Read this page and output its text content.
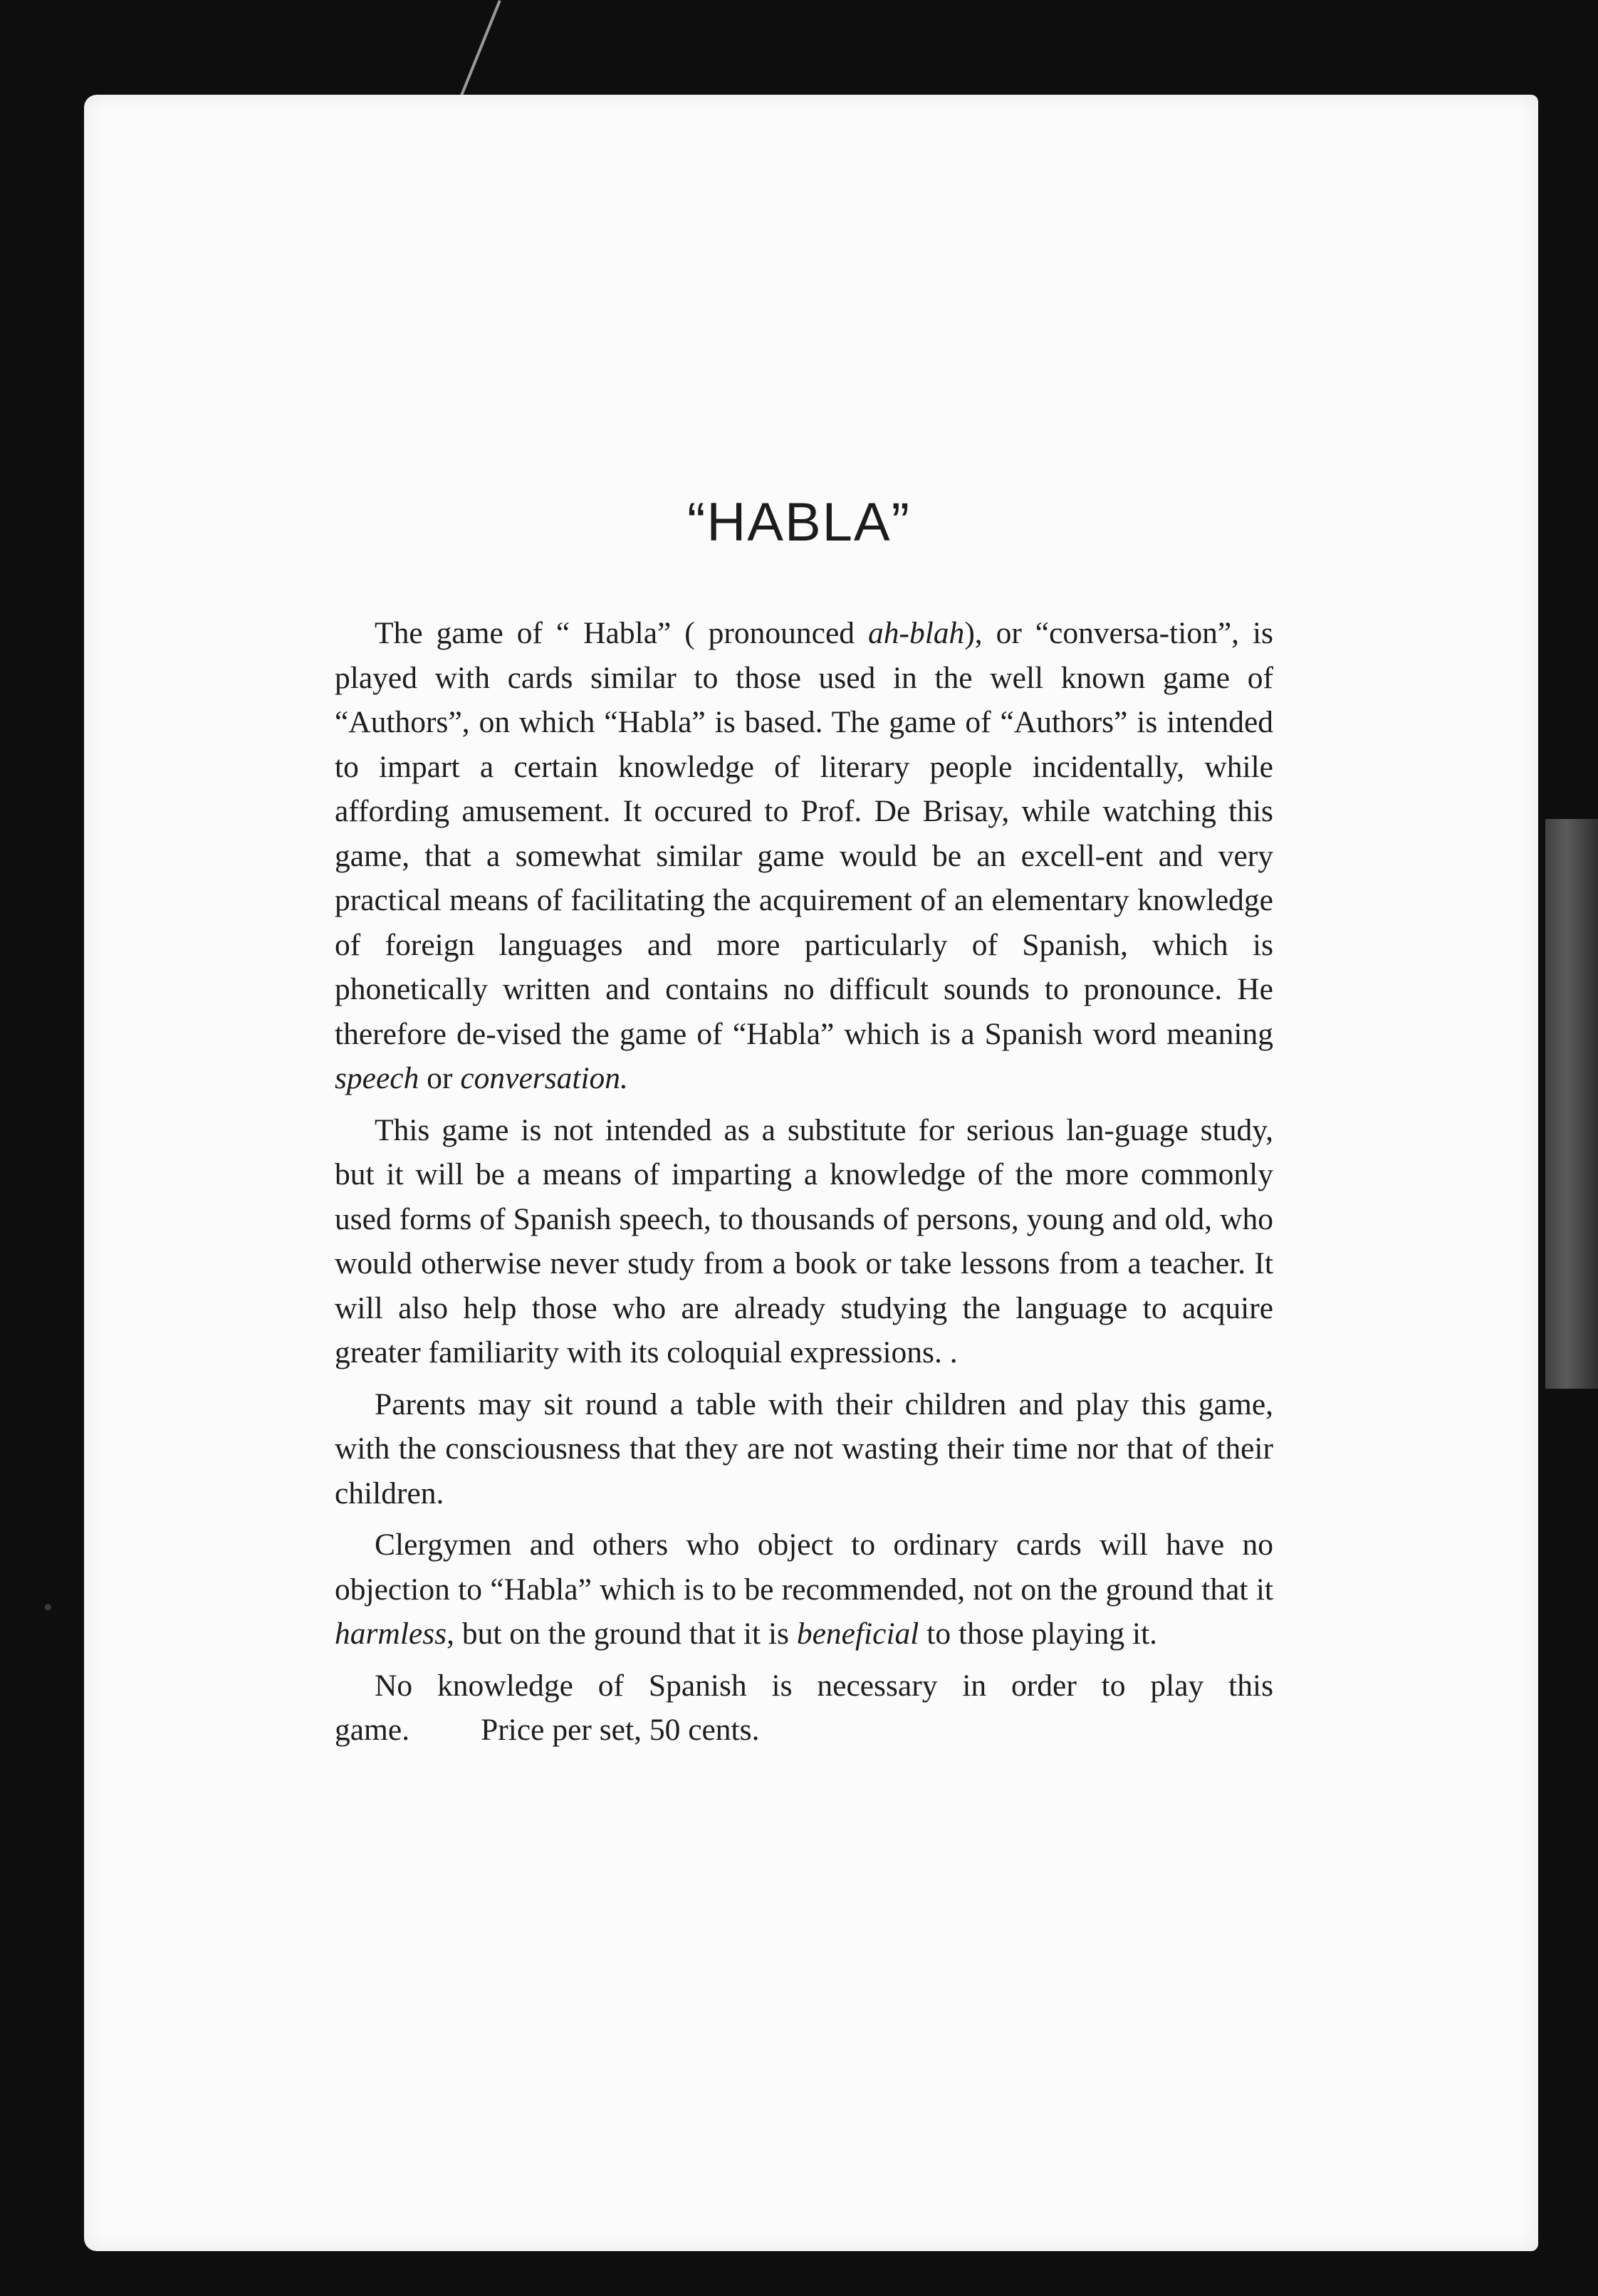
“HABLA”

The game of “ Habla” ( pronounced ah-blah), or “conversa-tion”, is played with cards similar to those used in the well known game of “Authors”, on which “Habla” is based. The game of “Authors” is intended to impart a certain knowledge of literary people incidentally, while affording amusement. It occured to Prof. De Brisay, while watching this game, that a somewhat similar game would be an excell-ent and very practical means of facilitating the acquirement of an elementary knowledge of foreign languages and more particularly of Spanish, which is phonetically written and contains no difficult sounds to pronounce. He therefore de-vised the game of “Habla” which is a Spanish word meaning speech or conversation.

This game is not intended as a substitute for serious lan-guage study, but it will be a means of imparting a knowledge of the more commonly used forms of Spanish speech, to thousands of persons, young and old, who would otherwise never study from a book or take lessons from a teacher. It will also help those who are already studying the language to acquire greater familiarity with its coloquial expressions. .

Parents may sit round a table with their children and play this game, with the consciousness that they are not wasting their time nor that of their children.

Clergymen and others who object to ordinary cards will have no objection to “Habla” which is to be recommended, not on the ground that it harmless, but on the ground that it is beneficial to those playing it.

No knowledge of Spanish is necessary in order to play this game. Price per set, 50 cents.
